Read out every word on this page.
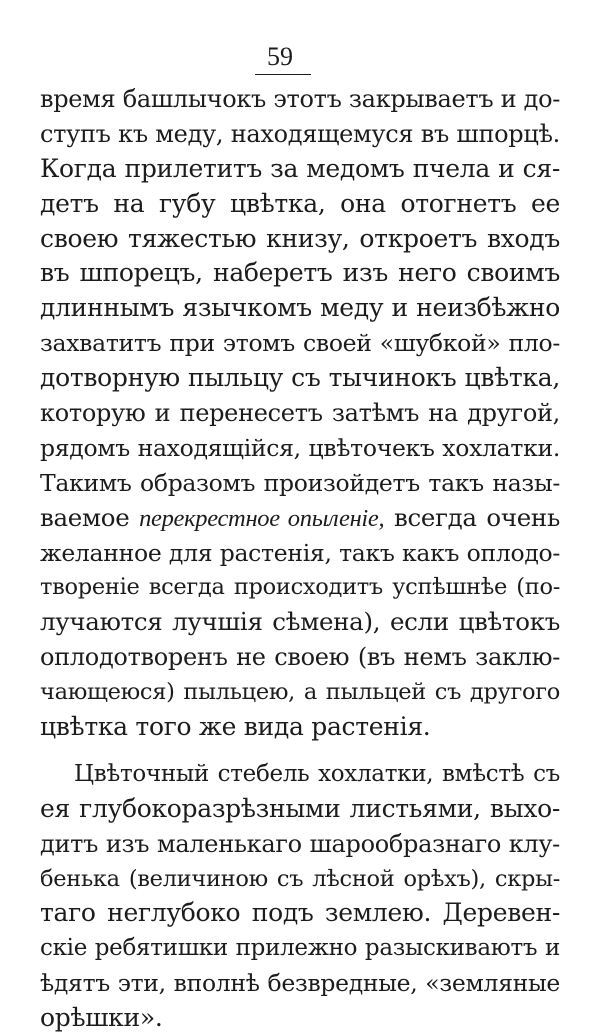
59
время башлычокъ этотъ закрываетъ и до-
ступъ къ меду, находящемуся въ шпорцѣ.
Когда прилетитъ за медомъ пчела и ся-
детъ на губу цвѣтка, она отогнетъ ее
своею тяжестью книзу, откроетъ входъ
въ шпорецъ, наберетъ изъ него своимъ
длиннымъ язычкомъ меду и неизбѣжно
захватитъ при этомъ своей «шубкой» пло-
дотворную пыльцу съ тычинокъ цвѣтка,
которую и перенесетъ затѣмъ на другой,
рядомъ находящійся, цвѣточекъ хохлатки.
Такимъ образомъ произойдетъ такъ назы-
ваемое перекрестное опыленіе, всегда очень
желанное для растенія, такъ какъ оплодо-
твореніе всегда происходитъ успѣшнѣе (по-
лучаются лучшія сѣмена), если цвѣтокъ
оплодотворенъ не своею (въ немъ заклю-
чающеюся) пыльцею, а пыльцей съ другого
цвѣтка того же вида растенія.
Цвѣточный стебель хохлатки, вмѣстѣ съ
ея глубокоразрѣзными листьями, выхо-
дитъ изъ маленькаго шарообразнаго клу-
бенька (величиною съ лѣсной орѣхъ), скры-
таго неглубоко подъ землею. Деревен-
скіе ребятишки прилежно разыскиваютъ и
ѣдятъ эти, вполнѣ безвредные, «земляные
орѣшки».
